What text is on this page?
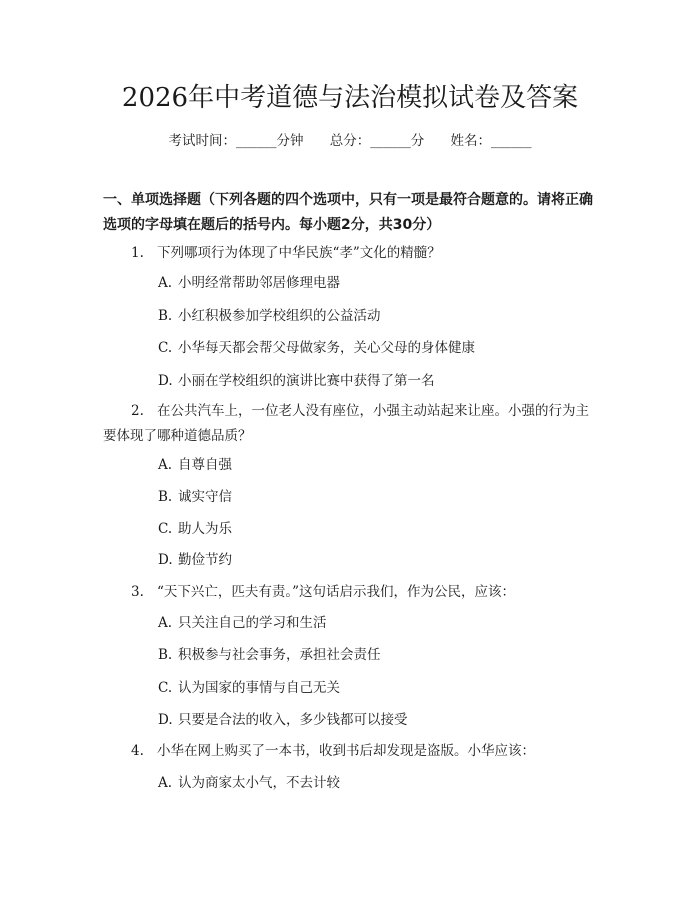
2026年中考道德与法治模拟试卷及答案
考试时间：______分钟 总分：______分 姓名：______
一、单项选择题（下列各题的四个选项中，只有一项是最符合题意的。请将正确选项的字母填在题后的括号内。每小题2分，共30分）
1. 下列哪项行为体现了中华民族“孝”文化的精髓？
A. 小明经常帮助邻居修理电器
B. 小红积极参加学校组织的公益活动
C. 小华每天都会帮父母做家务，关心父母的身体健康
D. 小丽在学校组织的演讲比赛中获得了第一名
2. 在公共汽车上，一位老人没有座位，小强主动站起来让座。小强的行为主要体现了哪种道德品质？
A. 自尊自强
B. 诚实守信
C. 助人为乐
D. 勤俭节约
3. “天下兴亡，匹夫有责。”这句话启示我们，作为公民，应该：
A. 只关注自己的学习和生活
B. 积极参与社会事务，承担社会责任
C. 认为国家的事情与自己无关
D. 只要是合法的收入，多少钱都可以接受
4. 小华在网上购买了一本书，收到书后却发现是盗版。小华应该：
A. 认为商家太小气，不去计较
